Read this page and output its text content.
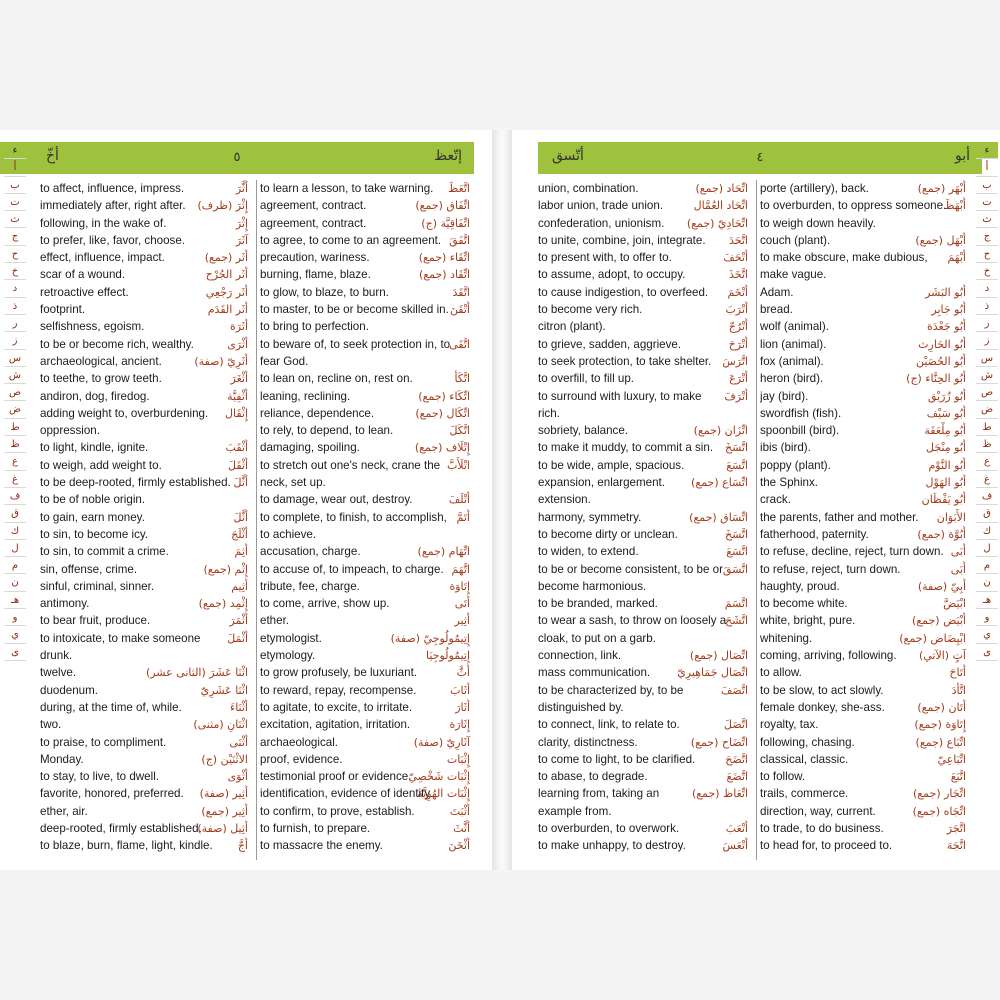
أخّ	٥	إتّعظ
ء
أ
ب
ت
ث
ج
ح
خ
د
ذ
ر
ز
س
ش
ص
ض
ط
ظ
ع
غ
ف
ق
ك
ل
م
ن
هـ
و
ي
ى
to affect, influence, impress.	أَثَّرَ
immediately after, right after. إِثْرَ (ظرف)
following, in the wake of.	إِثْرَ
to prefer, like, favor, choose.	آثَرَ
effect, influence, impact.	أَثَر (جمع)
scar of a wound.	أَثَر الجُرْح
retroactive effect.	أَثَر رَجْعِي
footprint.	أَثَر القَدَم
selfishness, egoism.	أَثَرَة
to be or become rich, wealthy.	أَثْرَى
archaeological, ancient.	أَثَرِيّ (صفة)
to teethe, to grow teeth.	أَثْغَرَ
andiron, dog, firedog.	أُثْفِيَّة
adding weight to, overburdening. إِثْقَال
oppression.
to light, kindle, ignite.	أَثْقَبَ
to weigh, add weight to.	أَثْقَلَ
to be deep-rooted, firmly established. أَثَّلَ
to be of noble origin.
to gain, earn money.	أَثَّلَ
to sin, to become icy.	أَثْلَجَ
to sin, to commit a crime.	أَثِمَ
sin, offense, crime.	إِثْم (جمع)
sinful, criminal, sinner.	أَثِيم
antimony.	إِثْمِد (جمع)
to bear fruit, produce.	أَثْمَرَ
to intoxicate, to make someone أَثْمَلَ
drunk.
twelve.	اثْنَا عَشَرَ (الثانى عشر)
duodenum.	اثْنَا عَشَرِيّ
during, at the time of, while.	أَثْنَاءَ
two.	اثْنَانِ (مثنى)
to praise, to compliment.	أَثْنَى
Monday.	الاثْنَيْن (ج)
to stay, to live, to dwell.	أَثْوَى
favorite, honored, preferred. أَثِير (صفة)
ether, air.	أَثِير (جمع)
deep-rooted, firmly established.
أَثِيل (صفة)
to blaze, burn, flame, light, kindle. أَجَّ
to learn a lesson, to take warning. اتَّعَظَ
agreement, contract.	اتِّفَاق (جمع)
agreement, contract.	اتِّفَاقِيَّة (ج)
to agree, to come to an agreement. اتَّفَقَ
precaution, wariness.	اتِّقَاء (جمع)
burning, flame, blaze.	اتِّقَاد (جمع)
to glow, to blaze, to burn.	اتَّقَدَ
to master, to be or become skilled in. أَتْقَنَ
to bring to perfection.
to beware of, to seek protection in, to اتَّقَى
fear God.
to lean on, recline on, rest on.	اتَّكَأَ
leaning, reclining.	اتِّكَاء (جمع)
reliance, dependence.	اتِّكَال (جمع)
to rely, to depend, to lean.	اتَّكَلَ
damaging, spoiling.	إِتْلَاف (جمع)
to stretch out one's neck, crane the اتْلَأَبَّ
neck, set up.
to damage, wear out, destroy.	أَتْلَفَ
to complete, to finish, to accomplish, أَتَمَّ
to achieve.
accusation, charge.	اتِّهَام (جمع)
to accuse of, to impeach, to charge. اتَّهَمَ
tribute, fee, charge.	إِتَاوَة
to come, arrive, show up.	أَتَى
ether.	أَثِير
etymologist.	إِتِيمُولُوجِيّ (صفة)
etymology.	إِتِيمُولُوجِيَا
to grow profusely, be luxuriant.	أَثَّ
to reward, repay, recompense.	أَثَابَ
to agitate, to excite, to irritate.	أَثَارَ
excitation, agitation, irritation.	إِثَارَة
archaeological.	آثَارِيّ (صفة)
proof, evidence.	إِثْبَات
testimonial proof or evidence.
إِثْبَات شَخْصِيّ
identification, evidence of identity
إِثْبَات الهُوِيَّة
to confirm, to prove, establish.	أَثْبَتَ
to furnish, to prepare.	أَثَّثَ
to massacre the enemy.	أَثْخَنَ
أتّسق	٤	أبو
union, combination.	اتِّحَاد (جمع)
labor union, trade union.	اتِّحَاد العُمَّال
confederation, unionism. اتِّحَادِيّ (جمع)
to unite, combine, join, integrate. اتَّحَدَ
to present with, to offer to.	أَتْحَفَ
to assume, adopt, to occupy.	اتَّخَذَ
to cause indigestion, to overfeed. أَتْخَمَ
to become very rich.	أَتْرَبَ
citron (plant).	أُتْرُجّ
to grieve, sadden, aggrieve.	أَتْرَحَ
to seek protection, to take shelter. اتَّرَسَ
to overfill, to fill up.	أَتْرَعَ
to surround with luxury, to make أَتْرَفَ
rich.
sobriety, balance.	اتِّزَان (جمع)
to make it muddy, to commit a sin. اتَّسَخَ
to be wide, ample, spacious.	اتَّسَعَ
expansion, enlargement. اتِّسَاع (جمع)
extension.
harmony, symmetry.	اتِّسَاق (جمع)
to become dirty or unclean.	اتَّسَخَ
to widen, to extend.	اتَّسَعَ
to be or become consistent, to be or اتَّسَقَ
become harmonious.
to be branded, marked.	اتَّسَمَ
to wear a sash, to throw on loosely a
اتَّشَحَ
cloak, to put on a garb.
connection, link.	اتِّصَال (جمع)
mass communication. اتِّصَال جَمَاهِيرِيّ
to be characterized by, to be	اتَّصَفَ
distinguished by.
to connect, link, to relate to.	اتَّصَلَ
clarity, distinctness.	اتِّضَاح (جمع)
to come to light, to be clarified.	اتَّضَحَ
to abase, to degrade.	اتَّضَعَ
learning from, taking an	اتِّعَاظ (جمع)
example from.
to overburden, to overwork.	أَتْعَبَ
to make unhappy, to destroy.	أَتْعَسَ
porte (artillery), back.	أَبْهَر (جمع)
to overburden, to oppress someone.
أَبْهَظَ
to weigh down heavily.
couch (plant).	أَبْهَل (جمع)
to make obscure, make dubious, أَبْهَمَ
make vague.
Adam.	أَبُو البَشَر
bread.	أَبُو جَابِر
wolf (animal).	أَبُو جَعْدَة
lion (animal).	أَبُو الحَارِث
fox (animal).	أَبُو الحُصَيْن
heron (bird).	أَبُو الحِنَّاء (ج)
jay (bird).	أَبُو زُرَيْق
swordfish (fish).	أَبُو سَيْف
spoonbill (bird).	أَبُو مِلْعَقَة
ibis (bird).	أَبُو مِنْجَل
poppy (plant).	أَبُو النَّوْم
the Sphinx.	أَبُو الهَوْل
crack.	أَبُو يَقْظَان
the parents, father and mother. الأَبَوَان
fatherhood, paternity.	أُبُوَّة (جمع)
to refuse, decline, reject, turn down. أَبَى
to refuse, reject, turn down.	أَبَى
haughty, proud.	أَبِيّ (صفة)
to become white.	ابْيَضَّ
white, bright, pure.	أَبْيَض (جمع)
whitening.	ابْيِضَاض (جمع)
coming, arriving, following. آتٍ (الآتي)
to allow.	أَتَاحَ
to be slow, to act slowly.	اتَّأَدَ
female donkey, she-ass.	أَتَان (جمع)
royalty, tax.	إِتَاوَة (جمع)
following, chasing.	اتِّبَاع (جمع)
classical, classic.	اتِّبَاعِيّ
to follow.	اتَّبَعَ
trails, commerce.	اتِّجَار (جمع)
direction, way, current.	اتِّجَاه (جمع)
to trade, to do business.	اتَّجَرَ
to head for, to proceed to.	اتَّجَهَ
ء
أ
ب
ت
ث
ج
ح
خ
د
ذ
ر
ز
س
ش
ص
ض
ط
ظ
ع
غ
ف
ق
ك
ل
م
ن
هـ
و
ي
ى
